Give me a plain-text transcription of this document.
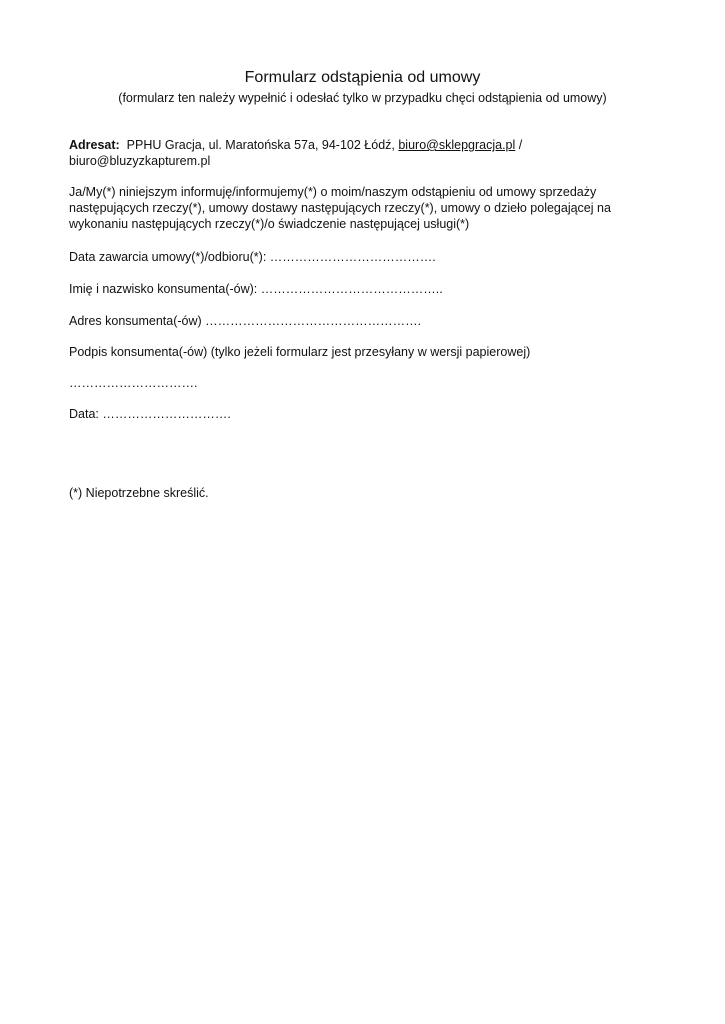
Formularz odstąpienia od umowy
(formularz ten należy wypełnić i odesłać tylko w przypadku chęci odstąpienia od umowy)
Adresat: PPHU Gracja, ul. Maratońska 57a, 94-102 Łódź, biuro@sklepgracja.pl /
biuro@bluzyzkapturem.pl
Ja/My(*) niniejszym informuję/informujemy(*) o moim/naszym odstąpieniu od umowy sprzedaży
następujących rzeczy(*), umowy dostawy następujących rzeczy(*), umowy o dzieło polegającej na
wykonaniu następujących rzeczy(*)/o świadczenie następującej usługi(*)
Data zawarcia umowy(*)/odbioru(*): ………………………………….
Imię i nazwisko konsumenta(-ów): ……………………………………..
Adres konsumenta(-ów) …………………………………………….
Podpis konsumenta(-ów) (tylko jeżeli formularz jest przesyłany w wersji papierowej)
………………………….
Data: ………………………….
(*) Niepotrzebne skreślić.
